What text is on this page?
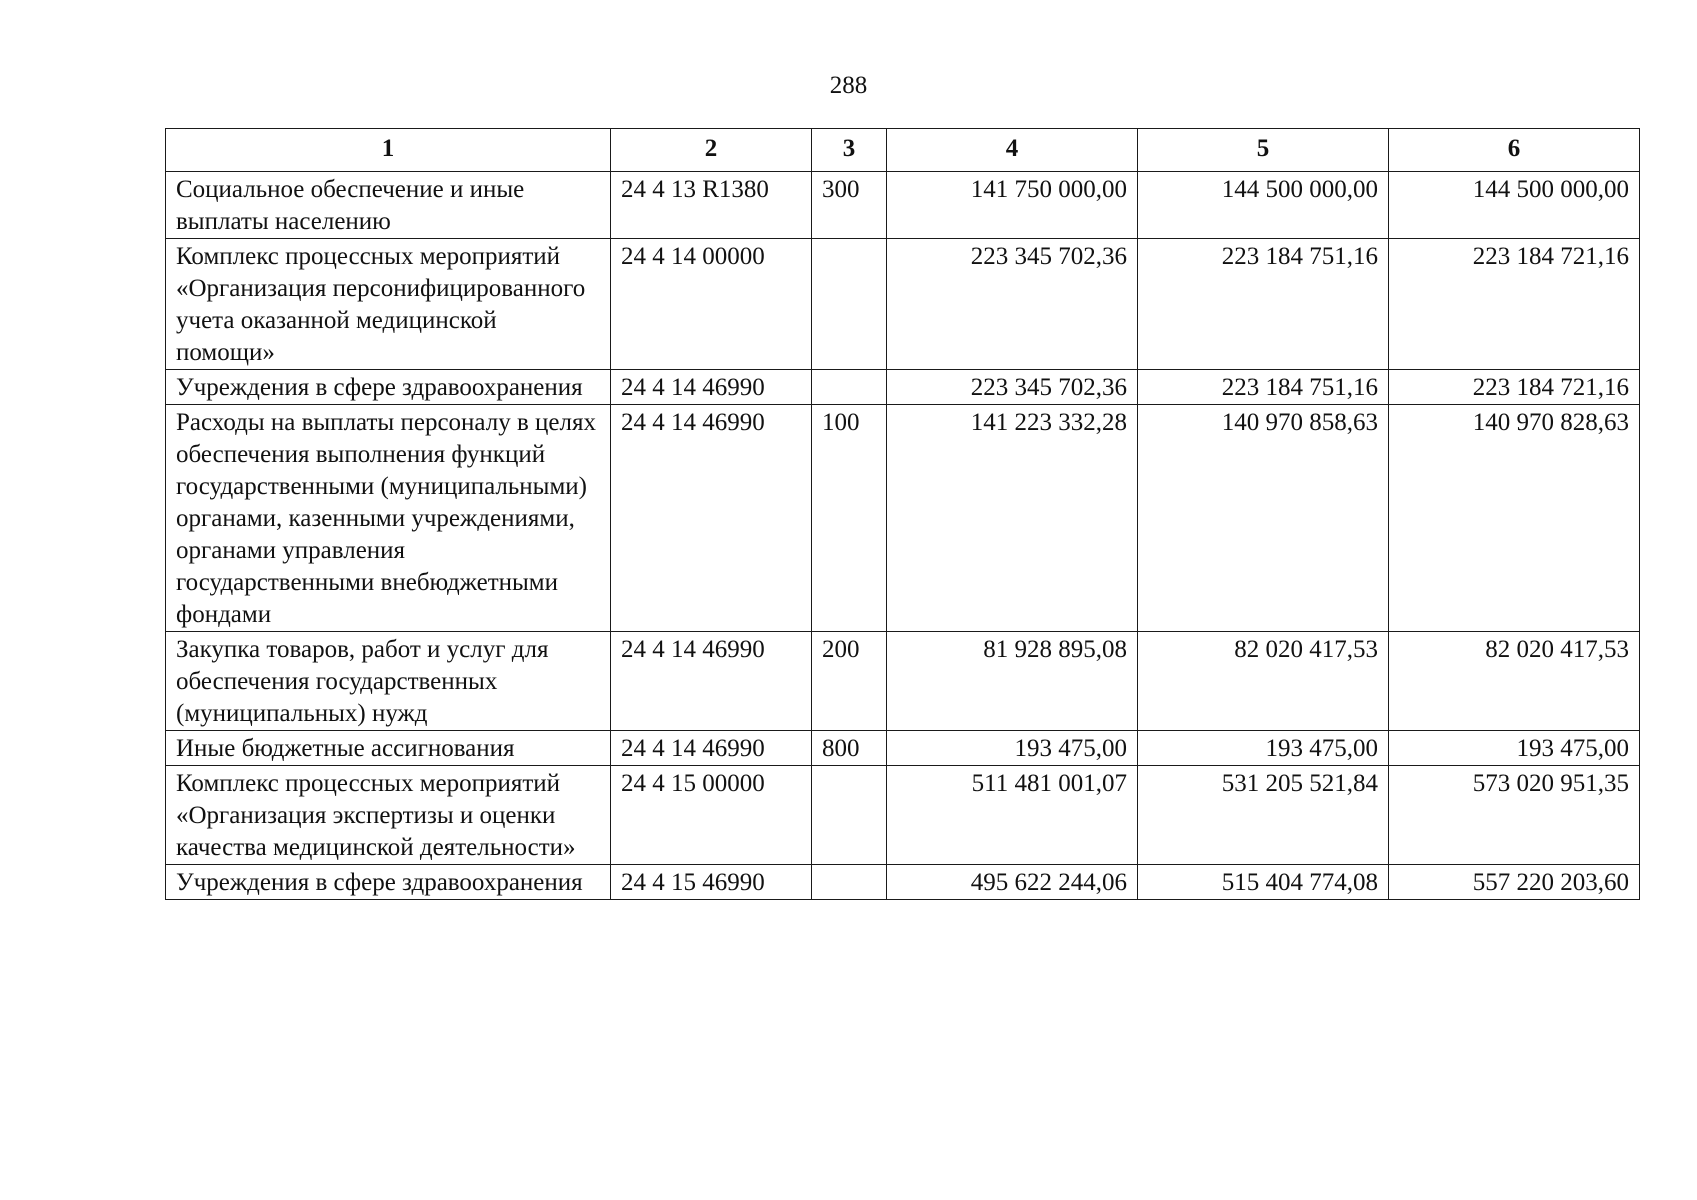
288
1	2	3	4	5	6
Социальное обеспечение и иные выплаты населению	24 4 13 R1380	300	141 750 000,00	144 500 000,00	144 500 000,00
Комплекс процессных мероприятий «Организация персонифицированного учета оказанной медицинской помощи»	24 4 14 00000		223 345 702,36	223 184 751,16	223 184 721,16
Учреждения в сфере здравоохранения	24 4 14 46990		223 345 702,36	223 184 751,16	223 184 721,16
Расходы на выплаты персоналу в целях обеспечения выполнения функций государственными (муниципальными) органами, казенными учреждениями, органами управления государственными внебюджетными фондами	24 4 14 46990	100	141 223 332,28	140 970 858,63	140 970 828,63
Закупка товаров, работ и услуг для обеспечения государственных (муниципальных) нужд	24 4 14 46990	200	81 928 895,08	82 020 417,53	82 020 417,53
Иные бюджетные ассигнования	24 4 14 46990	800	193 475,00	193 475,00	193 475,00
Комплекс процессных мероприятий «Организация экспертизы и оценки качества медицинской деятельности»	24 4 15 00000		511 481 001,07	531 205 521,84	573 020 951,35
Учреждения в сфере здравоохранения	24 4 15 46990		495 622 244,06	515 404 774,08	557 220 203,60
